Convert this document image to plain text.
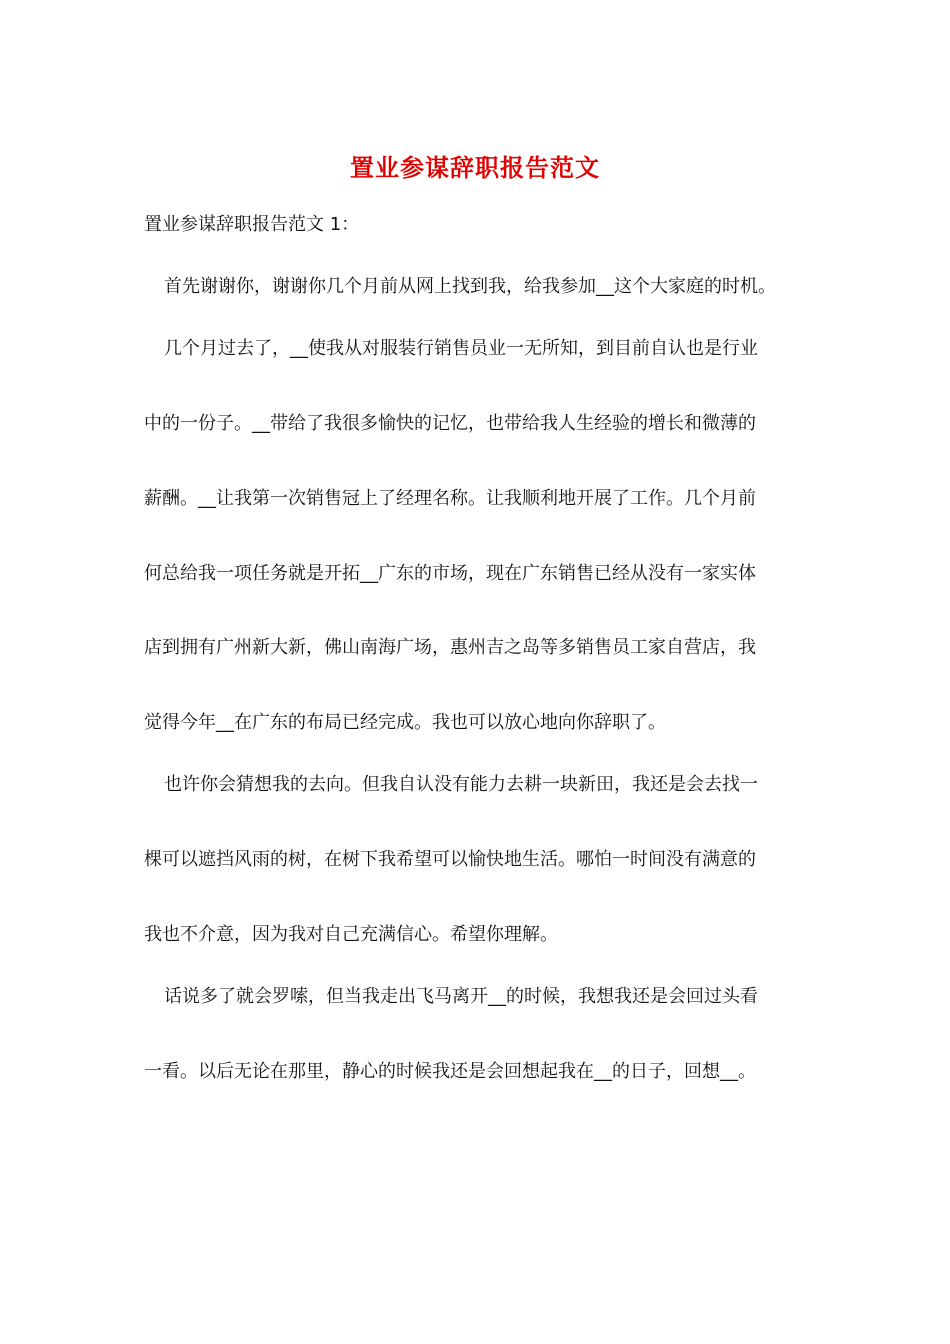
置业参谋辞职报告范文
置业参谋辞职报告范文 1：
首先谢谢你，谢谢你几个月前从网上找到我，给我参加__这个大家庭的时机。
几个月过去了，__使我从对服装行销售员业一无所知，到目前自认也是行业
中的一份子。__带给了我很多愉快的记忆，也带给我人生经验的增长和微薄的
薪酬。__让我第一次销售冠上了经理名称。让我顺利地开展了工作。几个月前
何总给我一项任务就是开拓__广东的市场，现在广东销售已经从没有一家实体
店到拥有广州新大新，佛山南海广场，惠州吉之岛等多销售员工家自营店，我
觉得今年__在广东的布局已经完成。我也可以放心地向你辞职了。
也许你会猜想我的去向。但我自认没有能力去耕一块新田，我还是会去找一
棵可以遮挡风雨的树，在树下我希望可以愉快地生活。哪怕一时间没有满意的
我也不介意，因为我对自己充满信心。希望你理解。
话说多了就会罗嗦，但当我走出飞马离开__的时候，我想我还是会回过头看
一看。以后无论在那里，静心的时候我还是会回想起我在__的日子，回想__。
